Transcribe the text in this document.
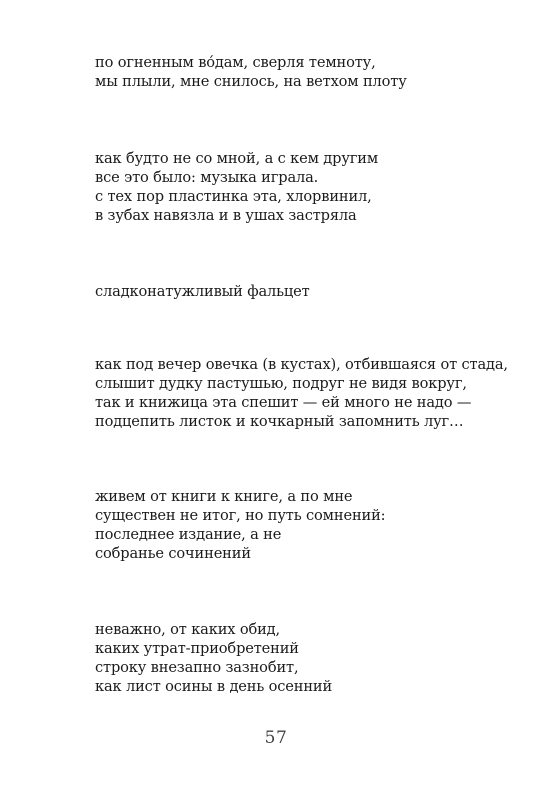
по огненным во́дам, сверля темноту,
мы плыли, мне снилось, на ветхом плоту
как будто не со мной, а с кем другим
все это было: музыка играла.
с тех пор пластинка эта, хлорвинил,
в зубах навязла и в ушах застряла
сладконатужливый фальцет
как под вечер овечка (в кустах), отбившаяся от стада,
слышит дудку пастушью, подруг не видя вокруг,
так и книжица эта спешит — ей много не надо —
подцепить листок и кочкарный запомнить луг…
живем от книги к книге, а по мне
существен не итог, но путь сомнений:
последнее издание, а не
собранье сочинений
неважно, от каких обид,
каких утрат-приобретений
строку внезапно зазнобит,
как лист осины в день осенний
57
